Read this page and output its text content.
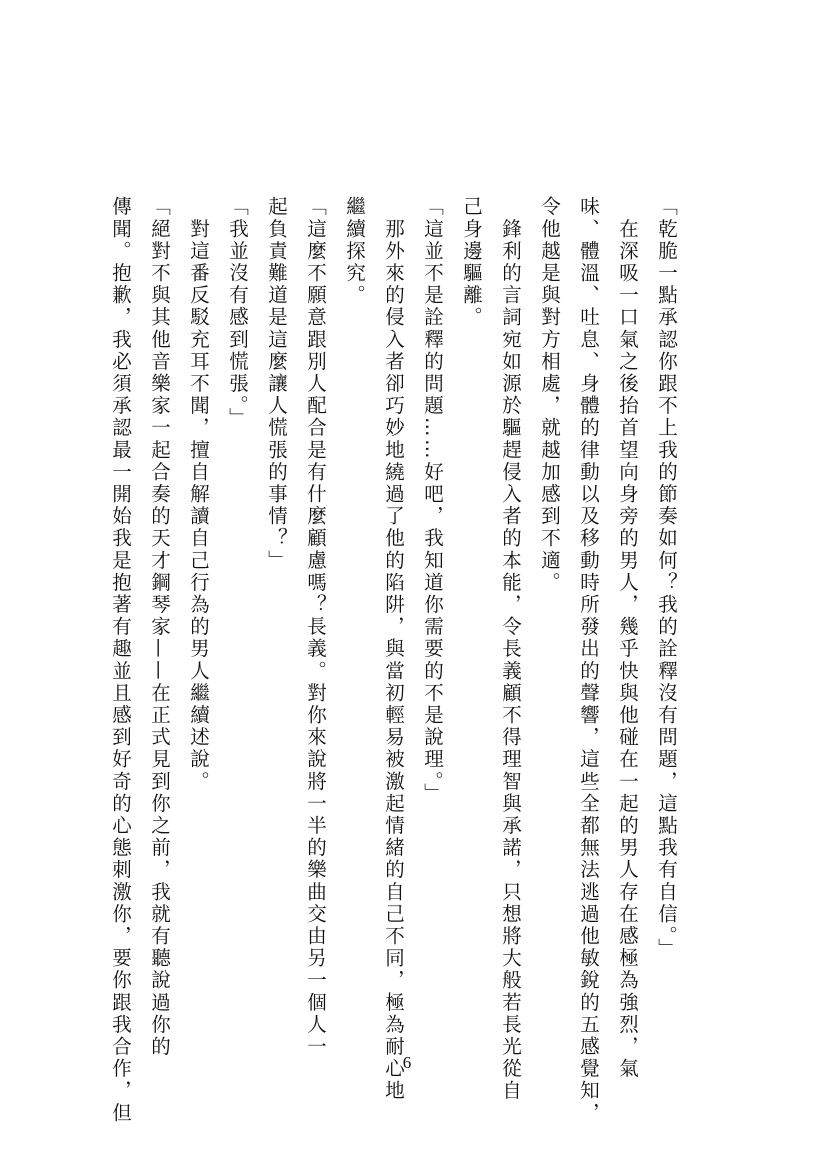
「乾脆一點承認你跟不上我的節奏如何？我的詮釋沒有問題，這點我有自信。」
　在深吸一口氣之後抬首望向身旁的男人，幾乎快與他碰在一起的男人存在感極為強烈，氣
味、體溫、吐息、身體的律動以及移動時所發出的聲響，這些全都無法逃過他敏銳的五感覺知，
令他越是與對方相處，就越加感到不適。
　鋒利的言詞宛如源於驅趕侵入者的本能，令長義顧不得理智與承諾，只想將大般若長光從自
己身邊驅離。
「這並不是詮釋的問題……好吧，我知道你需要的不是說理。」
　那外來的侵入者卻巧妙地繞過了他的陷阱，與當初輕易被激起情緒的自己不同，極為耐心地
繼續探究。
「這麼不願意跟別人配合是有什麼顧慮嗎？長義。對你來說將一半的樂曲交由另一個人一
起負責難道是這麼讓人慌張的事情？」
「我並沒有感到慌張。」
　對這番反駁充耳不聞，擅自解讀自己行為的男人繼續述說。
「絕對不與其他音樂家一起合奏的天才鋼琴家——在正式見到你之前，我就有聽說過你的
傳聞。抱歉，我必須承認最一開始我是抱著有趣並且感到好奇的心態刺激你，要你跟我合作，但	6
